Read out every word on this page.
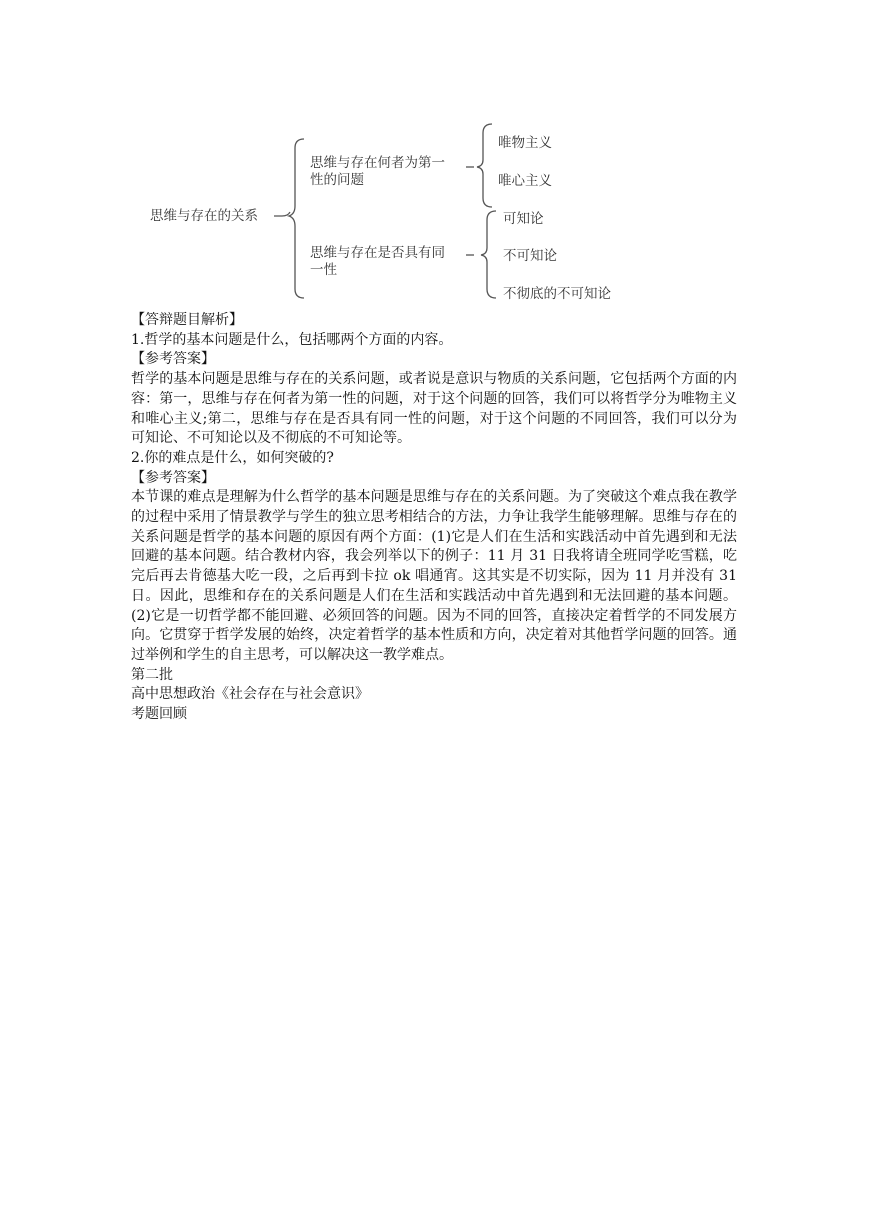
思维与存在的关系
思维与存在何者为第一
性的问题
思维与存在是否具有同
一性
唯物主义
唯心主义
可知论
不可知论
不彻底的不可知论

【答辩题目解析】

1.哲学的基本问题是什么，包括哪两个方面的内容。

【参考答案】

哲学的基本问题是思维与存在的关系问题，或者说是意识与物质的关系问题，它包括两个方面的内容：第一，思维与存在何者为第一性的问题，对于这个问题的回答，我们可以将哲学分为唯物主义和唯心主义;第二，思维与存在是否具有同一性的问题，对于这个问题的不同回答，我们可以分为可知论、不可知论以及不彻底的不可知论等。

2.你的难点是什么，如何突破的?

【参考答案】

本节课的难点是理解为什么哲学的基本问题是思维与存在的关系问题。为了突破这个难点我在教学的过程中采用了情景教学与学生的独立思考相结合的方法，力争让我学生能够理解。思维与存在的关系问题是哲学的基本问题的原因有两个方面：(1)它是人们在生活和实践活动中首先遇到和无法回避的基本问题。结合教材内容，我会列举以下的例子：11 月 31 日我将请全班同学吃雪糕，吃完后再去肯德基大吃一段，之后再到卡拉 ok 唱通宵。这其实是不切实际，因为 11 月并没有 31 日。因此，思维和存在的关系问题是人们在生活和实践活动中首先遇到和无法回避的基本问题。(2)它是一切哲学都不能回避、必须回答的问题。因为不同的回答，直接决定着哲学的不同发展方向。它贯穿于哲学发展的始终，决定着哲学的基本性质和方向，决定着对其他哲学问题的回答。通过举例和学生的自主思考，可以解决这一教学难点。

第二批

高中思想政治《社会存在与社会意识》

考题回顾
